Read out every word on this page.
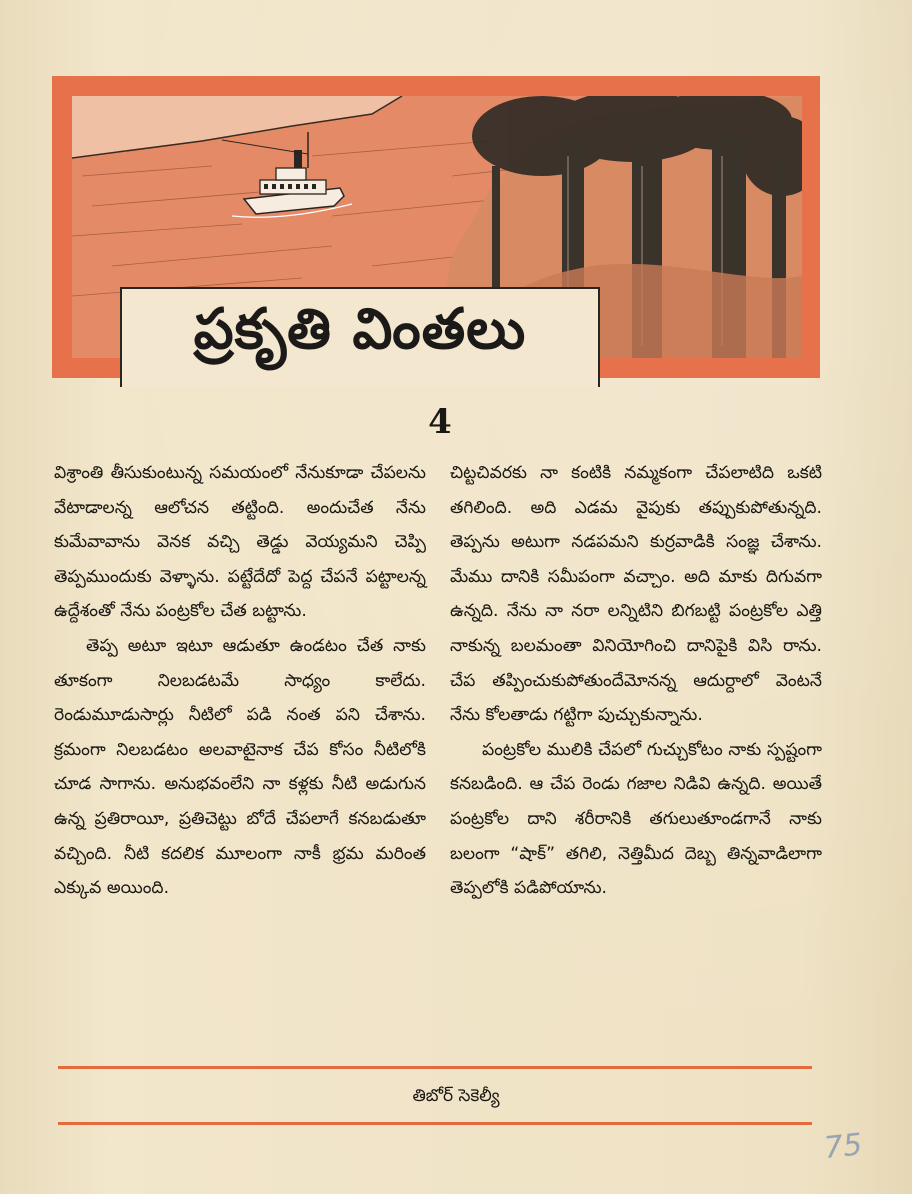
ప్రకృతి వింతలు
4

విశ్రాంతి తీసుకుంటున్న సమయంలో నేనుకూడా చేపలను వేటాడాలన్న ఆలోచన తట్టింది. అందుచేత నేను కుమేవావాను వెనక వచ్చి తెడ్డు వెయ్యమని చెప్పి తెప్పముందుకు వెళ్ళాను. పట్టేదేదో పెద్ద చేపనే పట్టాలన్న ఉద్దేశంతో నేను పంట్రకోల చేత బట్టాను.

తెప్ప అటూ ఇటూ ఆడుతూ ఉండటం చేత నాకు తూకంగా నిలబడటమే సాధ్యం కాలేదు. రెండుమూడుసార్లు నీటిలో పడి నంత పని చేశాను. క్రమంగా నిలబడటం అలవాటైనాక చేప కోసం నీటిలోకి చూడ సాగాను. అనుభవంలేని నా కళ్లకు నీటి అడుగున ఉన్న ప్రతిరాయీ, ప్రతిచెట్టు బోదే చేపలాగే కనబడుతూ వచ్చింది. నీటి కదలిక మూలంగా నాకీ భ్రమ మరింత ఎక్కువ అయింది.

చిట్టచివరకు నా కంటికి నమ్మకంగా చేపలాటిది ఒకటి తగిలింది. అది ఎడమ వైపుకు తప్పుకుపోతున్నది. తెప్పను అటుగా నడపమని కుర్రవాడికి సంజ్ఞ చేశాను. మేము దానికి సమీపంగా వచ్చాం. అది మాకు దిగువగా ఉన్నది. నేను నా నరా లన్నిటిని బిగబట్టి పంట్రకోల ఎత్తి నాకున్న బలమంతా వినియోగించి దానిపైకి విసి రాను. చేప తప్పించుకుపోతుందేమోనన్న ఆదుర్దాలో వెంటనే నేను కోలతాడు గట్టిగా పుచ్చుకున్నాను.

పంట్రకోల ములికి చేపలో గుచ్చుకోటం నాకు స్పష్టంగా కనబడింది. ఆ చేప రెండు గజాల నిడివి ఉన్నది. అయితే పంట్రకోల దాని శరీరానికి తగులుతూండగానే నాకు బలంగా “షాక్” తగిలి, నెత్తిమీద దెబ్బ తిన్నవాడిలాగా తెప్పలోకి పడిపోయాను.

తిబోర్ సెకెల్యీ
75
